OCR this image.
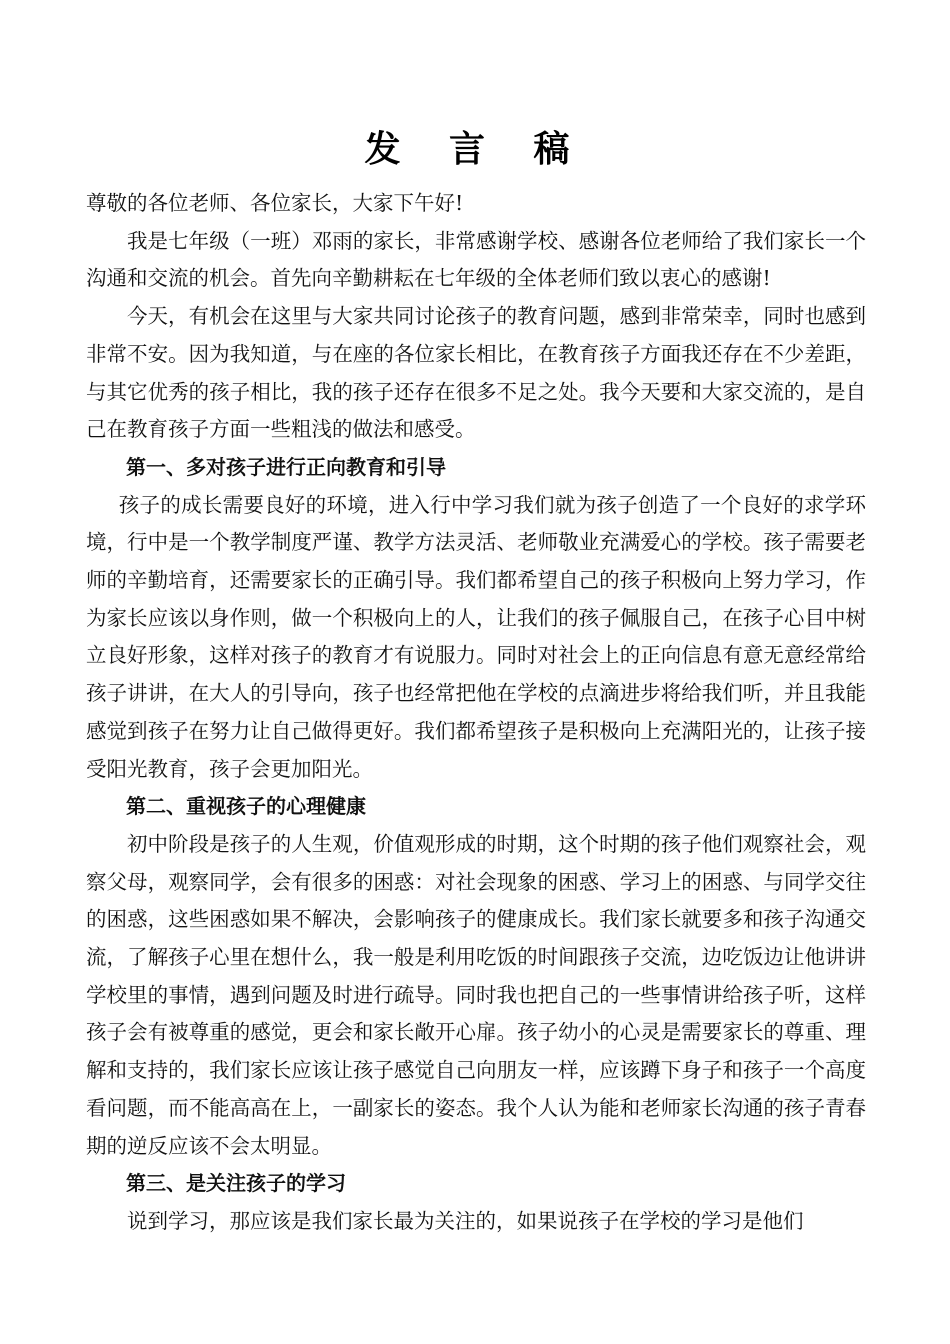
发 言 稿

尊敬的各位老师、各位家长，大家下午好!

我是七年级（一班）邓雨的家长，非常感谢学校、感谢各位老师给了我们家长一个沟通和交流的机会。首先向辛勤耕耘在七年级的全体老师们致以衷心的感谢!

今天，有机会在这里与大家共同讨论孩子的教育问题，感到非常荣幸，同时也感到非常不安。因为我知道，与在座的各位家长相比，在教育孩子方面我还存在不少差距，与其它优秀的孩子相比，我的孩子还存在很多不足之处。我今天要和大家交流的，是自己在教育孩子方面一些粗浅的做法和感受。

第一、多对孩子进行正向教育和引导

孩子的成长需要良好的环境，进入行中学习我们就为孩子创造了一个良好的求学环境，行中是一个教学制度严谨、教学方法灵活、老师敬业充满爱心的学校。孩子需要老师的辛勤培育，还需要家长的正确引导。我们都希望自己的孩子积极向上努力学习，作为家长应该以身作则，做一个积极向上的人，让我们的孩子佩服自己，在孩子心目中树立良好形象，这样对孩子的教育才有说服力。同时对社会上的正向信息有意无意经常给孩子讲讲，在大人的引导向，孩子也经常把他在学校的点滴进步将给我们听，并且我能感觉到孩子在努力让自己做得更好。我们都希望孩子是积极向上充满阳光的，让孩子接受阳光教育，孩子会更加阳光。

第二、重视孩子的心理健康

初中阶段是孩子的人生观，价值观形成的时期，这个时期的孩子他们观察社会，观察父母，观察同学，会有很多的困惑：对社会现象的困惑、学习上的困惑、与同学交往的困惑，这些困惑如果不解决，会影响孩子的健康成长。我们家长就要多和孩子沟通交流，了解孩子心里在想什么，我一般是利用吃饭的时间跟孩子交流，边吃饭边让他讲讲学校里的事情，遇到问题及时进行疏导。同时我也把自己的一些事情讲给孩子听，这样孩子会有被尊重的感觉，更会和家长敞开心扉。孩子幼小的心灵是需要家长的尊重、理解和支持的，我们家长应该让孩子感觉自己向朋友一样，应该蹲下身子和孩子一个高度看问题，而不能高高在上，一副家长的姿态。我个人认为能和老师家长沟通的孩子青春期的逆反应该不会太明显。

第三、是关注孩子的学习

说到学习，那应该是我们家长最为关注的，如果说孩子在学校的学习是他们
